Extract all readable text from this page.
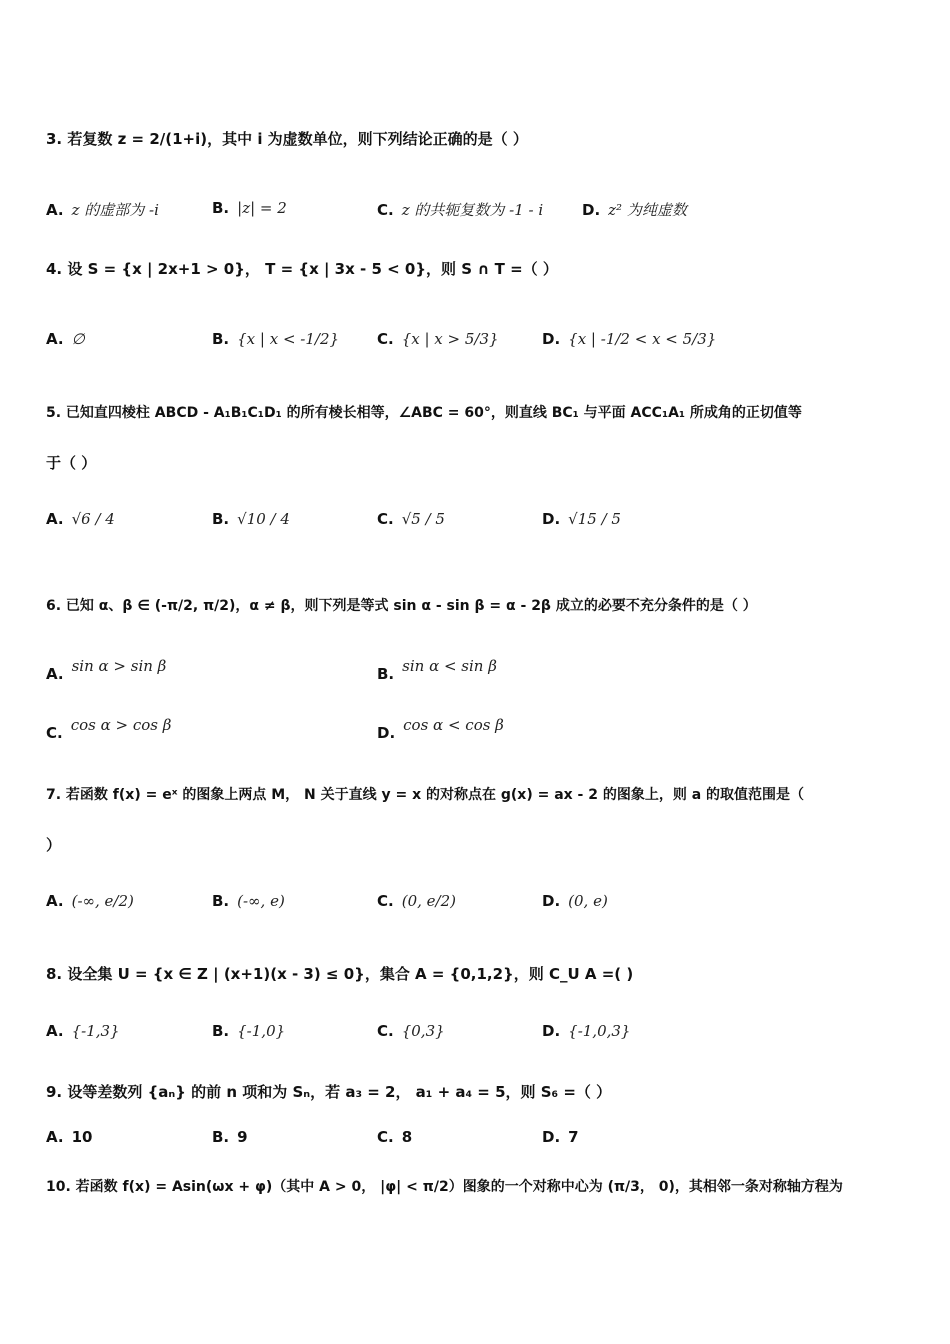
3. 若复数 z = 2/(1+i)，其中 i 为虚数单位，则下列结论正确的是（ ）
A. z 的虚部为 -i	B. |z| = 2	C. z 的共轭复数为 -1 - i	D. z² 为纯虚数
4. 设 S = {x | 2x+1 > 0}， T = {x | 3x - 5 < 0}，则 S ∩ T =（ ）
A. ∅	B. {x | x < -1/2}	C. {x | x > 5/3}	D. {x | -1/2 < x < 5/3}
5. 已知直四棱柱 ABCD - A₁B₁C₁D₁ 的所有棱长相等，∠ABC = 60°，则直线 BC₁ 与平面 ACC₁A₁ 所成角的正切值等
于（ ）
A. √6 / 4	B. √10 / 4	C. √5 / 5	D. √15 / 5
6. 已知 α、β ∈ (-π/2, π/2)，α ≠ β，则下列是等式 sin α - sin β = α - 2β 成立的必要不充分条件的是（ ）
A. sin α > sin β	B. sin α < sin β
C. cos α > cos β	D. cos α < cos β
7. 若函数 f(x) = eˣ 的图象上两点 M， N 关于直线 y = x 的对称点在 g(x) = ax - 2 的图象上，则 a 的取值范围是（
）
A. (-∞, e/2)	B. (-∞, e)	C. (0, e/2)	D. (0, e)
8. 设全集 U = {x ∈ Z | (x+1)(x - 3) ≤ 0}，集合 A = {0,1,2}，则 C_U A =( )
A. {-1,3}	B. {-1,0}	C. {0,3}	D. {-1,0,3}
9. 设等差数列 {aₙ} 的前 n 项和为 Sₙ，若 a₃ = 2， a₁ + a₄ = 5，则 S₆ =（ ）
A. 10	B. 9	C. 8	D. 7
10. 若函数 f(x) = Asin(ωx + φ)（其中 A > 0， |φ| < π/2）图象的一个对称中心为 (π/3， 0)，其相邻一条对称轴方程为
